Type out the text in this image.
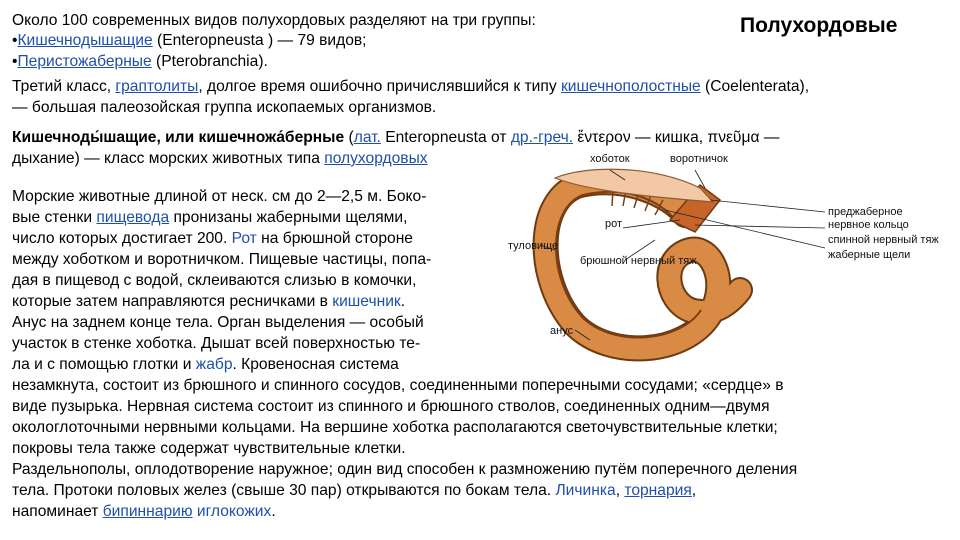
Полухордовые
Около 100 современных видов полухордовых разделяют на три группы:
•Кишечнодышащие (Enteropneusta ) — 79 видов;
•Перистожаберные (Pterobranchia).
Третий класс, граптолиты, долгое время ошибочно причислявшийся к типу кишечнополостные (Coelenterata),
— большая палеозойская группа ископаемых организмов.
Кишечноды́шащие, или кишечножа́берные (лат. Enteropneusta от др.-греч. ἔντερον — кишка, πνεῦμα —
дыхание) — класс морских животных типа полухордовых
Морские животные длиной от неск. см до 2—2,5 м. Боко-
вые стенки пищевода пронизаны жаберными щелями,
число которых достигает 200. Рот на брюшной стороне
между хоботком и воротничком. Пищевые частицы, попа-
дая в пищевод с водой, склеиваются слизью в комочки,
которые затем направляются ресничками в кишечник.
Анус на заднем конце тела. Орган выделения — особый
участок в стенке хоботка. Дышат всей поверхностью те-
ла и с помощью глотки и жабр. Кровеносная система
незамкнута, состоит из брюшного и спинного сосудов, соединенными поперечными сосудами; «сердце» в
виде пузырька. Нервная система состоит из спинного и брюшного стволов, соединенных одним—двумя
окологлоточными нервными кольцами. На вершине хоботка располагаются светочувствительные клетки;
покровы тела также содержат чувствительные клетки.
Раздельнополы, оплодотворение наружное; один вид способен к размножению путём поперечного деления
тела. Протоки половых желез (свыше 30 пар) открываются по бокам тела. Личинка, торнария,
напоминает бипиннарию иглокожих.
хоботок	воротничок
преджаберное
нервное кольцо
рот
спинной нервный тяж
туловище
жаберные щели
брюшной нервный тяж
анус
